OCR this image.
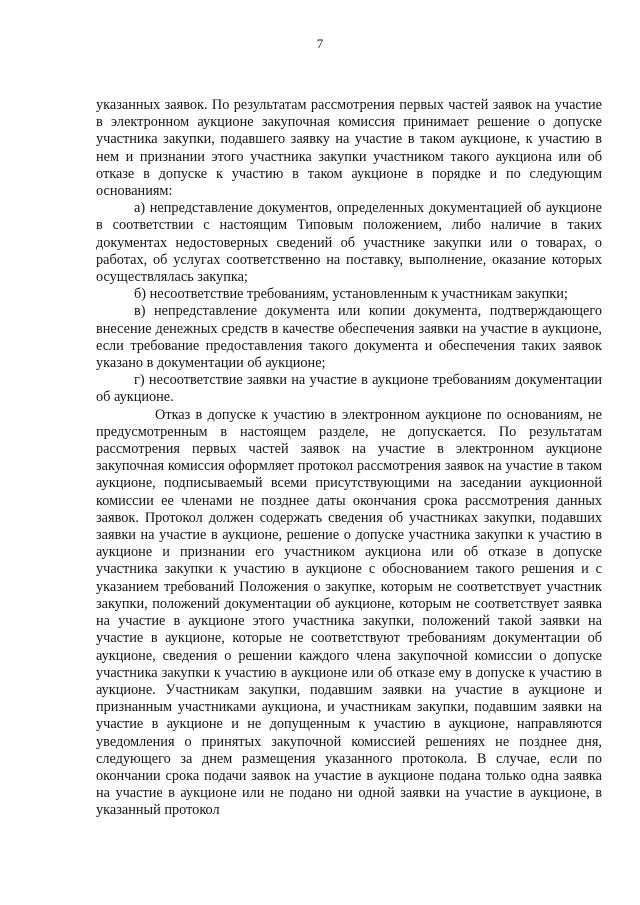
7

указанных заявок. По результатам рассмотрения первых частей заявок на участие в электронном аукционе закупочная комиссия принимает решение о допуске участника закупки, подавшего заявку на участие в таком аукционе, к участию в нем и признании этого участника закупки участником такого аукциона или об отказе в допуске к участию в таком аукционе в порядке и по следующим основаниям:

а) непредставление документов, определенных документацией об аукционе в соответствии с настоящим Типовым положением, либо наличие в таких документах недостоверных сведений об участнике закупки или о товарах, о работах, об услугах соответственно на поставку, выполнение, оказание которых осуществлялась закупка;

б) несоответствие требованиям, установленным к участникам закупки;

в) непредставление документа или копии документа, подтверждающего внесение денежных средств в качестве обеспечения заявки на участие в аукционе, если требование предоставления такого документа и обеспечения таких заявок указано в документации об аукционе;

г) несоответствие заявки на участие в аукционе требованиям документации об аукционе.

Отказ в допуске к участию в электронном аукционе по основаниям, не предусмотренным в настоящем разделе, не допускается. По результатам рассмотрения первых частей заявок на участие в электронном аукционе закупочная комиссия оформляет протокол рассмотрения заявок на участие в таком аукционе, подписываемый всеми присутствующими на заседании аукционной комиссии ее членами не позднее даты окончания срока рассмотрения данных заявок. Протокол должен содержать сведения об участниках закупки, подавших заявки на участие в аукционе, решение о допуске участника закупки к участию в аукционе и признании его участником аукциона или об отказе в допуске участника закупки к участию в аукционе с обоснованием такого решения и с указанием требований Положения о закупке, которым не соответствует участник закупки, положений документации об аукционе, которым не соответствует заявка на участие в аукционе этого участника закупки, положений такой заявки на участие в аукционе, которые не соответствуют требованиям документации об аукционе, сведения о решении каждого члена закупочной комиссии о допуске участника закупки к участию в аукционе или об отказе ему в допуске к участию в аукционе. Участникам закупки, подавшим заявки на участие в аукционе и признанным участниками аукциона, и участникам закупки, подавшим заявки на участие в аукционе и не допущенным к участию в аукционе, направляются уведомления о принятых закупочной комиссией решениях не позднее дня, следующего за днем размещения указанного протокола. В случае, если по окончании срока подачи заявок на участие в аукционе подана только одна заявка на участие в аукционе или не подано ни одной заявки на участие в аукционе, в указанный протокол
